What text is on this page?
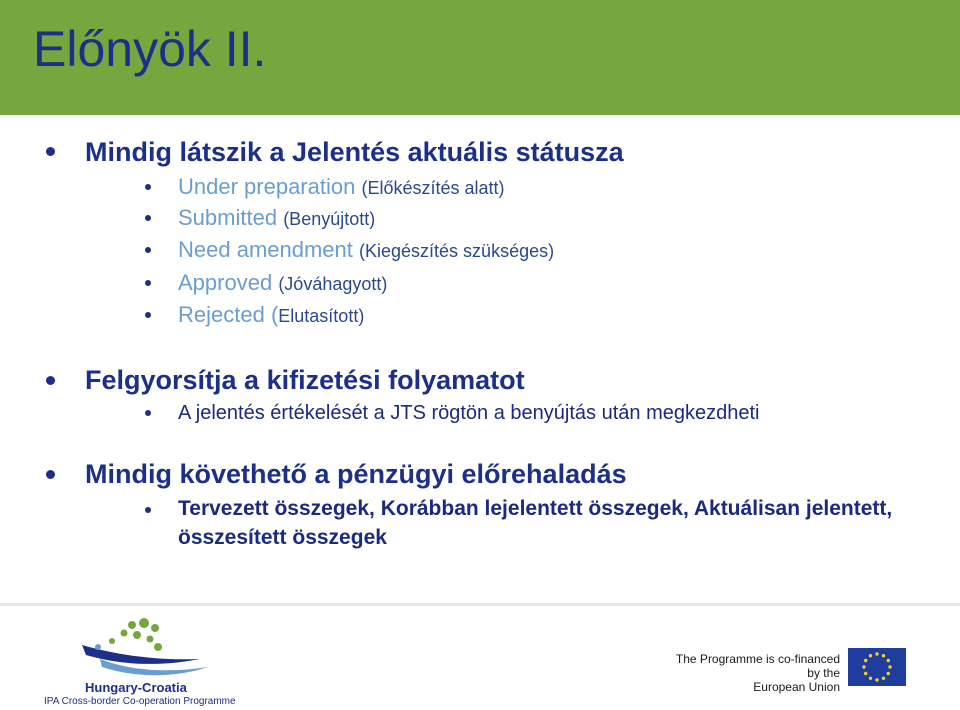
Előnyök II.
Mindig látszik a Jelentés aktuális státusza
Under preparation (Előkészítés alatt)
Submitted (Benyújtott)
Need amendment (Kiegészítés szükséges)
Approved (Jóváhagyott)
Rejected (Elutasított)
Felgyorsítja a kifizetési folyamatot
A jelentés értékelését a JTS rögtön a benyújtás után megkezdheti
Mindig követhető a pénzügyi előrehaladás
Tervezett összegek, Korábban lejelentett összegek, Aktuálisan jelentett, összesített összegek
Hungary-Croatia
IPA Cross-border Co-operation Programme
The Programme is co-financed by the
European Union
